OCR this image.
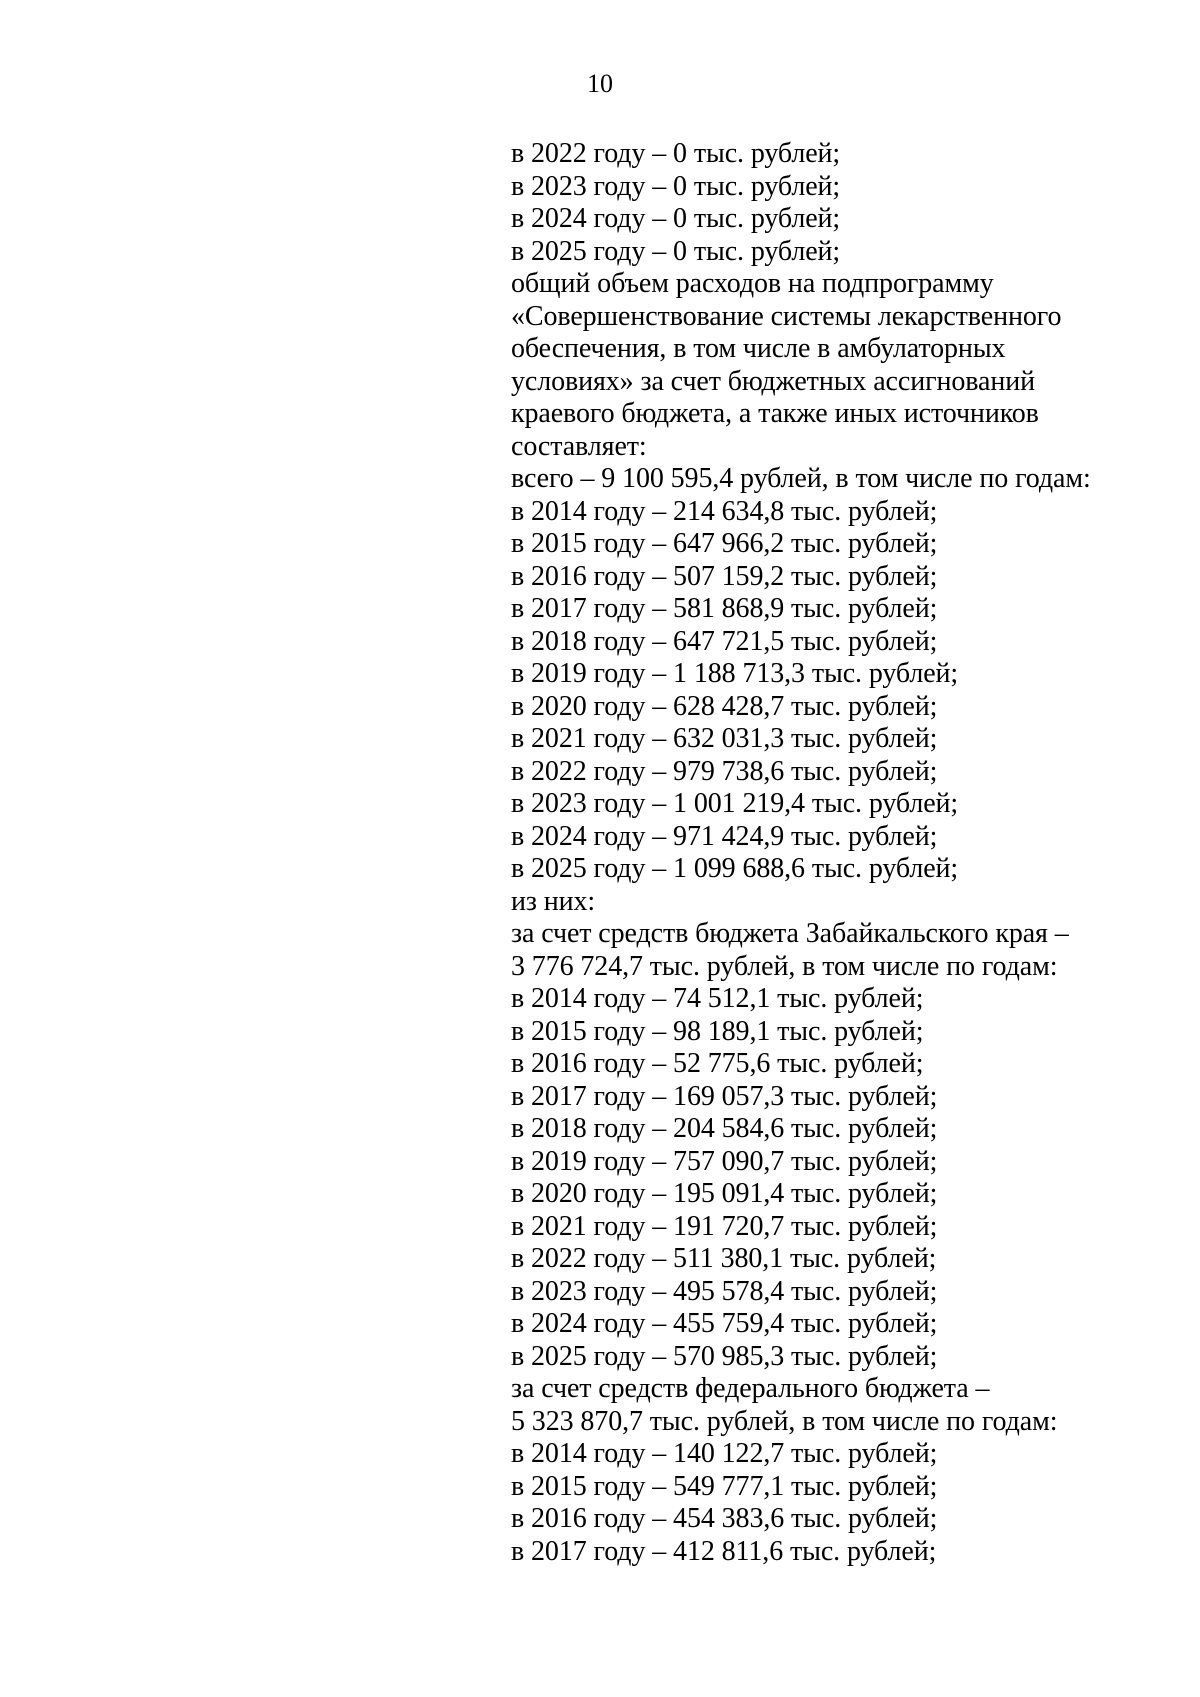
10
в 2022 году – 0 тыс. рублей;
в 2023 году – 0 тыс. рублей;
в 2024 году – 0 тыс. рублей;
в 2025 году – 0 тыс. рублей;
общий объем расходов на подпрограмму
«Совершенствование системы лекарственного
обеспечения, в том числе в амбулаторных
условиях» за счет бюджетных ассигнований
краевого бюджета, а также иных источников
составляет:
всего – 9 100 595,4 рублей, в том числе по годам:
в 2014 году – 214 634,8 тыс. рублей;
в 2015 году – 647 966,2 тыс. рублей;
в 2016 году – 507 159,2 тыс. рублей;
в 2017 году – 581 868,9 тыс. рублей;
в 2018 году – 647 721,5 тыс. рублей;
в 2019 году – 1 188 713,3 тыс. рублей;
в 2020 году – 628 428,7 тыс. рублей;
в 2021 году – 632 031,3 тыс. рублей;
в 2022 году – 979 738,6 тыс. рублей;
в 2023 году – 1 001 219,4 тыс. рублей;
в 2024 году – 971 424,9 тыс. рублей;
в 2025 году – 1 099 688,6 тыс. рублей;
из них:
за счет средств бюджета Забайкальского края –
3 776 724,7 тыс. рублей, в том числе по годам:
в 2014 году – 74 512,1 тыс. рублей;
в 2015 году – 98 189,1 тыс. рублей;
в 2016 году – 52 775,6 тыс. рублей;
в 2017 году – 169 057,3 тыс. рублей;
в 2018 году – 204 584,6 тыс. рублей;
в 2019 году – 757 090,7 тыс. рублей;
в 2020 году – 195 091,4 тыс. рублей;
в 2021 году – 191 720,7 тыс. рублей;
в 2022 году – 511 380,1 тыс. рублей;
в 2023 году – 495 578,4 тыс. рублей;
в 2024 году – 455 759,4 тыс. рублей;
в 2025 году – 570 985,3 тыс. рублей;
за счет средств федерального бюджета –
5 323 870,7 тыс. рублей, в том числе по годам:
в 2014 году – 140 122,7 тыс. рублей;
в 2015 году – 549 777,1 тыс. рублей;
в 2016 году – 454 383,6 тыс. рублей;
в 2017 году – 412 811,6 тыс. рублей;
